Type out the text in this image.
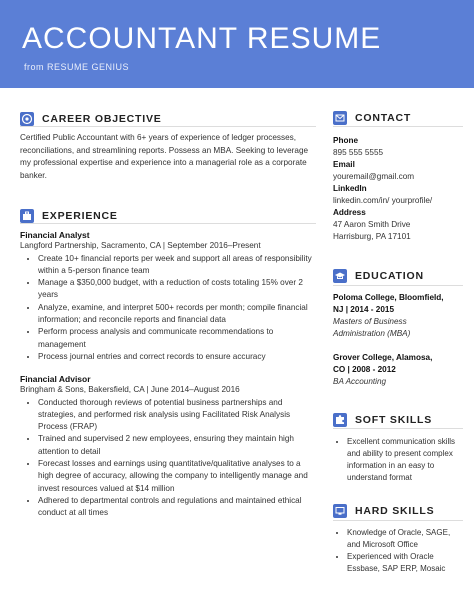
ACCOUNTANT RESUME
from RESUME GENIUS
CAREER OBJECTIVE
Certified Public Accountant with 6+ years of experience of ledger processes, reconciliations, and streamlining reports. Possess an MBA. Seeking to leverage my professional expertise and experience into a managerial role as a corporate banker.
EXPERIENCE
Financial Analyst
Langford Partnership, Sacramento, CA | September 2016–Present
• Create 10+ financial reports per week and support all areas of responsibility within a 5-person finance team
• Manage a $350,000 budget, with a reduction of costs totaling 15% over 2 years
• Analyze, examine, and interpret 500+ records per month; compile financial information; and reconcile reports and financial data
• Perform process analysis and communicate recommendations to management
• Process journal entries and correct records to ensure accuracy
Financial Advisor
Bringham & Sons, Bakersfield, CA | June 2014–August 2016
• Conducted thorough reviews of potential business partnerships and strategies, and performed risk analysis using Facilitated Risk Analysis Process (FRAP)
• Trained and supervised 2 new employees, ensuring they maintain high attention to detail
• Forecast losses and earnings using quantitative/qualitative analyses to a high degree of accuracy, allowing the company to intelligently manage and invest resources valued at $14 million
• Adhered to departmental controls and regulations and maintained ethical conduct at all times
CONTACT
Phone
895 555 5555
Email
youremail@gmail.com
LinkedIn
linkedin.com/in/ yourprofile/
Address
47 Aaron Smith Drive
Harrisburg, PA 17101
EDUCATION
Poloma College, Bloomfield,
NJ | 2014 - 2015
Masters of Business
Administration (MBA)
Grover College, Alamosa,
CO | 2008 - 2012
BA Accounting
SOFT SKILLS
• Excellent communication skills and ability to present complex information in an easy to understand format
HARD SKILLS
• Knowledge of Oracle, SAGE, and Microsoft Office
• Experienced with Oracle Essbase, SAP ERP, Mosaic
